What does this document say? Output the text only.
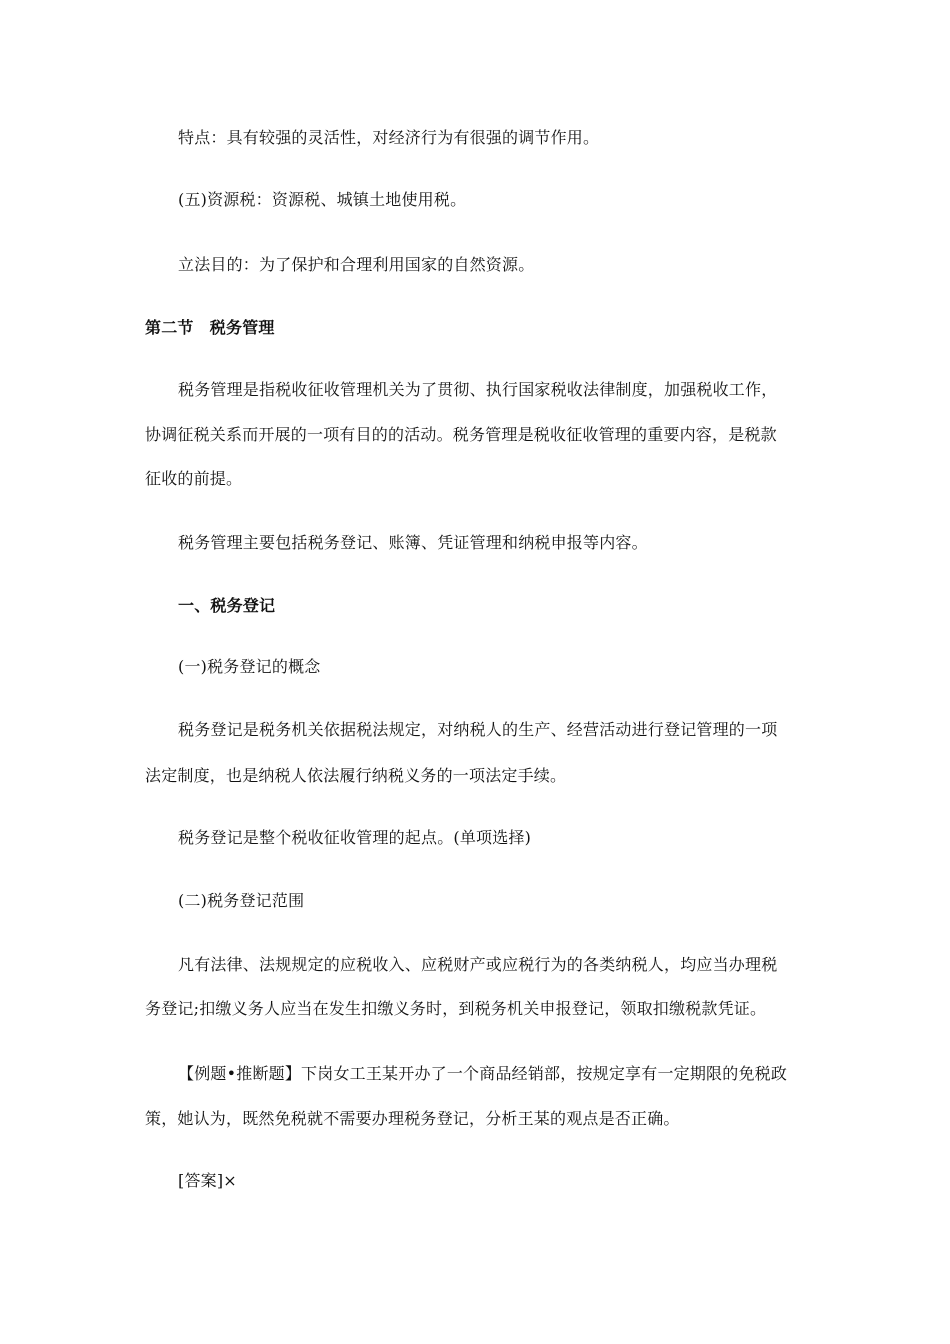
特点：具有较强的灵活性，对经济行为有很强的调节作用。
(五)资源税：资源税、城镇土地使用税。
立法目的：为了保护和合理利用国家的自然资源。
第二节　税务管理
税务管理是指税收征收管理机关为了贯彻、执行国家税收法律制度，加强税收工作，
协调征税关系而开展的一项有目的的活动。税务管理是税收征收管理的重要内容，是税款
征收的前提。
税务管理主要包括税务登记、账簿、凭证管理和纳税申报等内容。
一、税务登记
(一)税务登记的概念
税务登记是税务机关依据税法规定，对纳税人的生产、经营活动进行登记管理的一项
法定制度，也是纳税人依法履行纳税义务的一项法定手续。
税务登记是整个税收征收管理的起点。(单项选择)
(二)税务登记范围
凡有法律、法规规定的应税收入、应税财产或应税行为的各类纳税人，均应当办理税
务登记;扣缴义务人应当在发生扣缴义务时，到税务机关申报登记，领取扣缴税款凭证。
【例题•推断题】下岗女工王某开办了一个商品经销部，按规定享有一定期限的免税政
策，她认为，既然免税就不需要办理税务登记，分析王某的观点是否正确。
[答案]×
